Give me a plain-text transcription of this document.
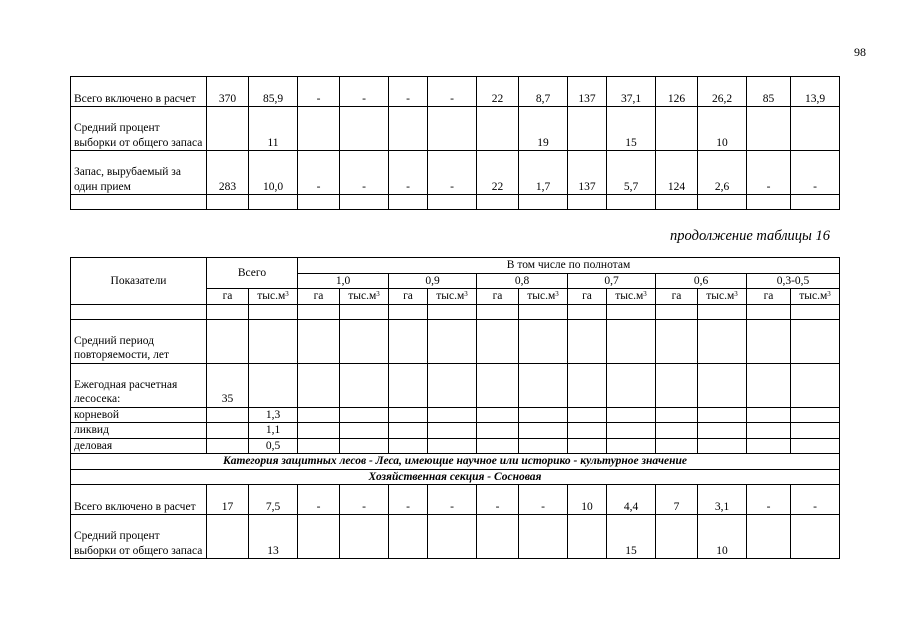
98
Всего включено в расчет	370	85,9	-	-	-	-	22	8,7	137	37,1	126	26,2	85	13,9
Средний процент выборки от общего запаса		11						19		15		10		
Запас, вырубаемый за один прием	283	10,0	-	-	-	-	22	1,7	137	5,7	124	2,6	-	-

продолжение таблицы 16
Показатели	Всего		В том числе по полнотам											
			1,0		0,9		0,8		0,7		0,6		0,3-0,5	
	га	$тыс.м^3$	га	$тыс.м^3$	га	$тыс.м^3$	га	$тыс.м^3$	га	$тыс.м^3$	га	$тыс.м^3$	га	$тыс.м^3$

Средний период повторяемости, лет														
Ежегодная расчетная лесосека:	35													
корневой		1,3												
ликвид		1,1												
деловая		0,5												
Категория защитных лесов - Леса, имеющие научное или историко - культурное значение														
Хозяйственная секция - Сосновая														
Всего включено в расчет	17	7,5	-	-	-	-	-	-	10	4,4	7	3,1	-	-
Средний процент выборки от общего запаса		13								15		10		
